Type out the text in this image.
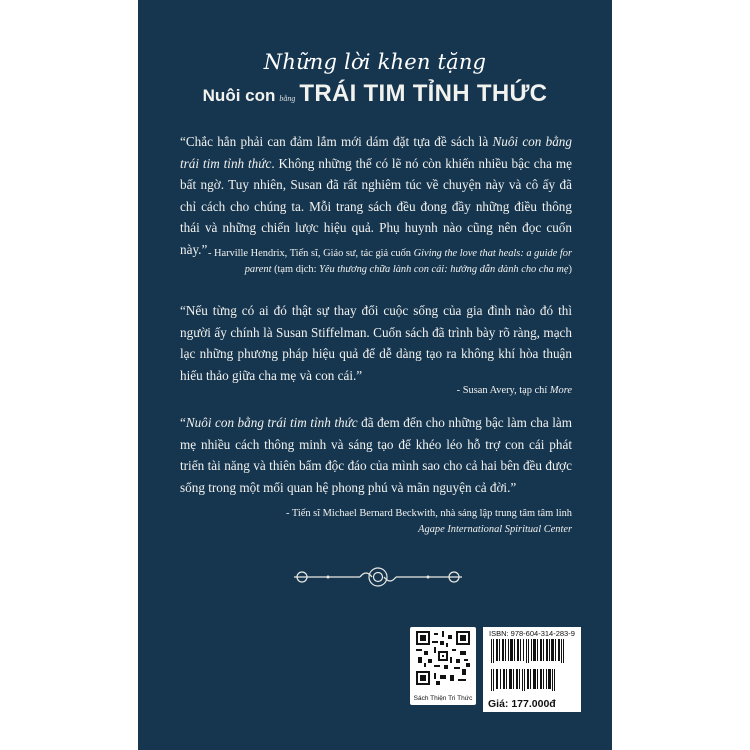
Những lời khen tặng
Nuôi con bằng TRÁI TIM TỈNH THỨC
“Chắc hẳn phải can đảm lắm mới dám đặt tựa đề sách là Nuôi con bằng trái tim tỉnh thức. Không những thế có lẽ nó còn khiến nhiều bậc cha mẹ bất ngờ. Tuy nhiên, Susan đã rất nghiêm túc về chuyện này và cô ấy đã chỉ cách cho chúng ta. Mỗi trang sách đều đong đầy những điều thông thái và những chiến lược hiệu quả. Phụ huynh nào cũng nên đọc cuốn này.” - Harville Hendrix, Tiến sĩ, Giáo sư, tác giả cuốn Giving the love that heals: a guide for parent (tạm dịch: Yêu thương chữa lành con cái: hướng dẫn dành cho cha mẹ)
“Nếu từng có ai đó thật sự thay đổi cuộc sống của gia đình nào đó thì người ấy chính là Susan Stiffelman. Cuốn sách đã trình bày rõ ràng, mạch lạc những phương pháp hiệu quả để dễ dàng tạo ra không khí hòa thuận hiếu thảo giữa cha mẹ và con cái.”
- Susan Avery, tạp chí More
“Nuôi con bằng trái tim tỉnh thức đã đem đến cho những bậc làm cha làm mẹ nhiều cách thông minh và sáng tạo để khéo léo hỗ trợ con cái phát triển tài năng và thiên bẩm độc đáo của mình sao cho cả hai bên đều được sống trong một mối quan hệ phong phú và mãn nguyện cả đời.”
- Tiến sĩ Michael Bernard Beckwith, nhà sáng lập trung tâm tâm linh
Agape International Spiritual Center
Sách Thiện Tri Thức
ISBN: 978-604-314-283-9
Giá: 177.000đ
